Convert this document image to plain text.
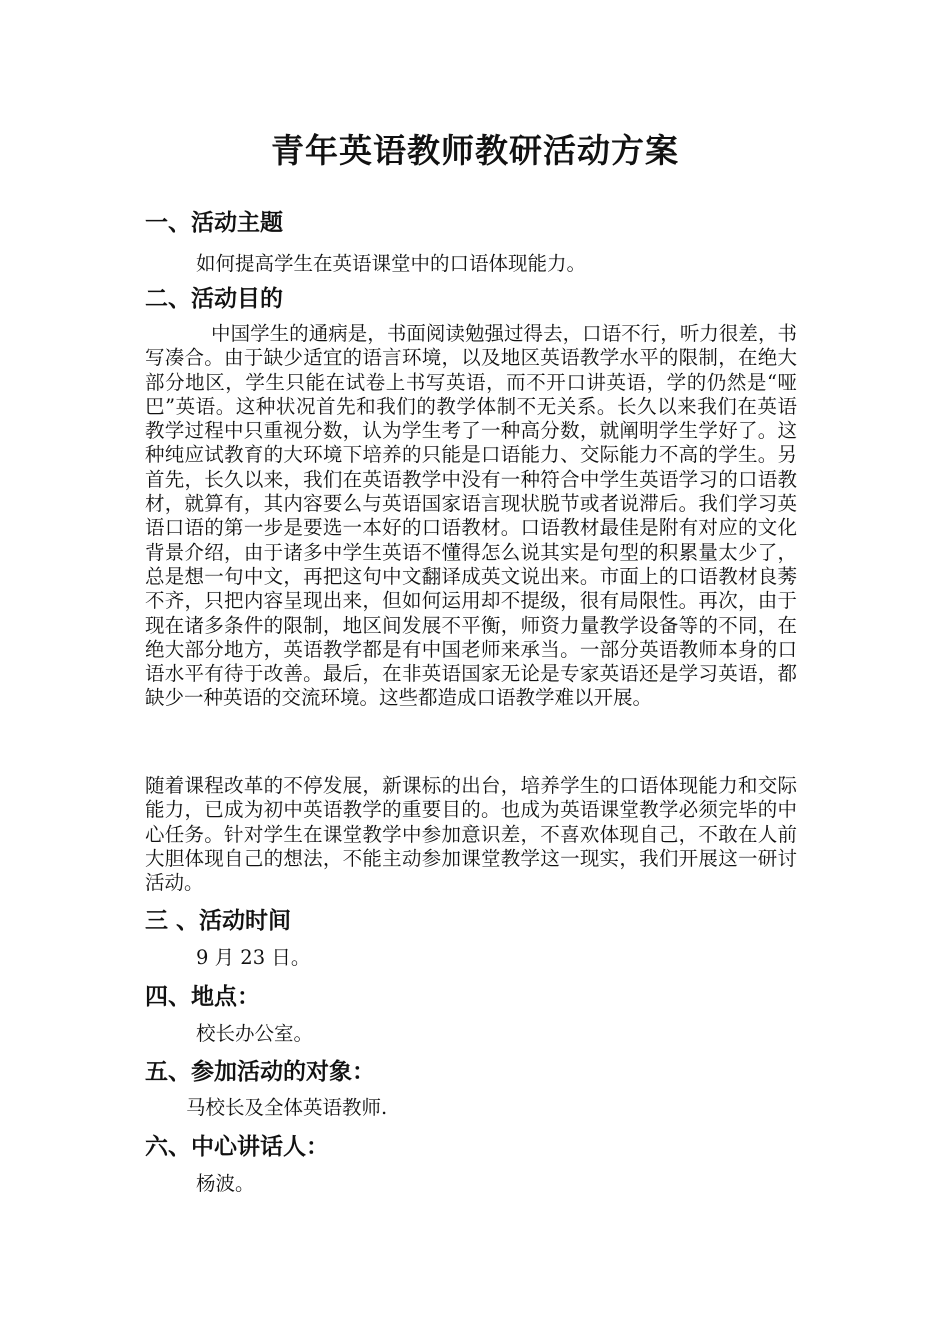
青年英语教师教研活动方案
一、活动主题
如何提高学生在英语课堂中的口语体现能力。
二、活动目的
中国学生的通病是，书面阅读勉强过得去，口语不行，听力很差，书写凑合。由于缺少适宜的语言环境，以及地区英语教学水平的限制，在绝大部分地区，学生只能在试卷上书写英语，而不开口讲英语，学的仍然是“哑巴”英语。这种状况首先和我们的教学体制不无关系。长久以来我们在英语教学过程中只重视分数，认为学生考了一种高分数，就阐明学生学好了。这种纯应试教育的大环境下培养的只能是口语能力、交际能力不高的学生。另首先，长久以来，我们在英语教学中没有一种符合中学生英语学习的口语教材，就算有，其内容要么与英语国家语言现状脱节或者说滞后。我们学习英语口语的第一步是要选一本好的口语教材。口语教材最佳是附有对应的文化背景介绍，由于诸多中学生英语不懂得怎么说其实是句型的积累量太少了，总是想一句中文，再把这句中文翻译成英文说出来。市面上的口语教材良莠不齐，只把内容呈现出来，但如何运用却不提级，很有局限性。再次，由于现在诸多条件的限制，地区间发展不平衡，师资力量教学设备等的不同，在绝大部分地方，英语教学都是有中国老师来承当。一部分英语教师本身的口语水平有待于改善。最后，在非英语国家无论是专家英语还是学习英语，都缺少一种英语的交流环境。这些都造成口语教学难以开展。
随着课程改革的不停发展，新课标的出台，培养学生的口语体现能力和交际能力，已成为初中英语教学的重要目的。也成为英语课堂教学必须完毕的中心任务。针对学生在课堂教学中参加意识差，不喜欢体现自己，不敢在人前大胆体现自己的想法，不能主动参加课堂教学这一现实，我们开展这一研讨活动。
三 、活动时间
9 月 23 日。
四、地点：
校长办公室。
五、参加活动的对象：
马校长及全体英语教师.
六、中心讲话人：
杨波。
